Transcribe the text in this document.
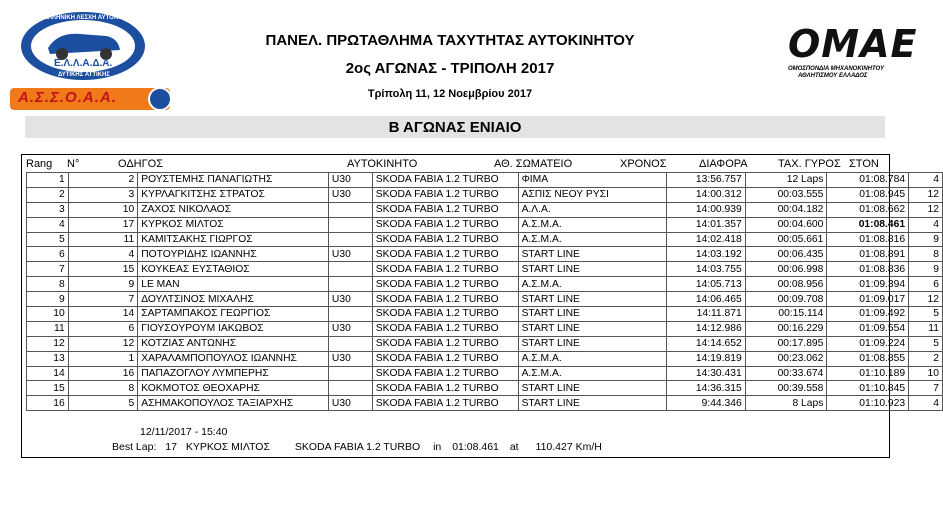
ΕΛΛΗΝΙΚΗ ΛΕΣΧΗ ΑΥΤΟΚΙΝΗΤΟΥ
Ε.Λ.Λ.Α.Δ.Α.
ΔΥΤΙΚΗΣ ΑΤΤΙΚΗΣ
Α.Σ.Σ.Ο.Α.Α.
ΠΑΝΕΛ. ΠΡΩΤΑΘΛΗΜΑ ΤΑΧΥΤΗΤΑΣ ΑΥΤΟΚΙΝΗΤΟΥ
2ος ΑΓΩΝΑΣ - ΤΡΙΠΟΛΗ 2017
Τρίπολη 11, 12 Νοεμβρίου 2017
ΟΜΑΕ
ΟΜΟΣΠΟΝΔΙΑ ΜΗΧΑΝΟΚΙΝΗΤΟΥ
ΑΘΛΗΤΙΣΜΟΥ ΕΛΛΑΔΟΣ
Β ΑΓΩΝΑΣ ΕΝΙΑΙΟ
Rang N°	ΟΔΗΓΟΣ	ΑΥΤΟΚΙΝΗΤΟ	ΑΘ. ΣΩΜΑΤΕΙΟ	ΧΡΟΝΟΣ	ΔΙΑΦΟΡΑ	ΤΑΧ. ΓΥΡΟΣ ΣΤΟΝ
12/11/2017 - 15:40
Best Lap: 17 ΚΥΡΚΟΣ ΜΙΛΤΟΣ SKODA FABIA 1.2 TURBO in 01:08.461 at 110.427 Km/H
1	2	ΡΟΥΣΤΕΜΗΣ ΠΑΝΑΓΙΩΤΗΣ	U30	SKODA FABIA 1.2 TURBO	ΦΙΜΑ	13:56.757	12 Laps	01:08.784	4
2	3	ΚΥΡΛΑΓΚΙΤΣΗΣ ΣΤΡΑΤΟΣ	U30	SKODA FABIA 1.2 TURBO	ΑΣΠΙΣ ΝΕΟΥ ΡΥΣΙ	14:00.312	00:03.555	01:08.945	12
3	10	ΖΑΧΟΣ ΝΙΚΟΛΑΟΣ		SKODA FABIA 1.2 TURBO	Α.Λ.Α.	14:00.939	00:04.182	01:08.662	12
4	17	ΚΥΡΚΟΣ ΜΙΛΤΟΣ		SKODA FABIA 1.2 TURBO	Α.Σ.Μ.Α.	14:01.357	00:04.600	01:08.461	4
5	11	ΚΑΜΙΤΣΑΚΗΣ ΓΙΩΡΓΟΣ		SKODA FABIA 1.2 TURBO	Α.Σ.Μ.Α.	14:02.418	00:05.661	01:08.816	9
6	4	ΠΟΤΟΥΡΙΔΗΣ ΙΩΑΝΝΗΣ	U30	SKODA FABIA 1.2 TURBO	START LINE	14:03.192	00:06.435	01:08.891	8
7	15	ΚΟΥΚΕΑΣ ΕΥΣΤΑΘΙΟΣ		SKODA FABIA 1.2 TURBO	START LINE	14:03.755	00:06.998	01:08.836	9
8	9	LE MAN		SKODA FABIA 1.2 TURBO	Α.Σ.Μ.Α.	14:05.713	00:08.956	01:09.394	6
9	7	ΔΟΥΛΤΣΙΝΟΣ ΜΙΧΑΛΗΣ	U30	SKODA FABIA 1.2 TURBO	START LINE	14:06.465	00:09.708	01:09.017	12
10	14	ΣΑΡΤΑΜΠΑΚΟΣ ΓΕΩΡΓΙΟΣ		SKODA FABIA 1.2 TURBO	START LINE	14:11.871	00:15.114	01:09.492	5
11	6	ΓΙΟΥΣΟΥΡΟΥΜ ΙΑΚΩΒΟΣ	U30	SKODA FABIA 1.2 TURBO	START LINE	14:12.986	00:16.229	01:09.554	11
12	12	ΚΟΤΖΙΑΣ ΑΝΤΩΝΗΣ		SKODA FABIA 1.2 TURBO	START LINE	14:14.652	00:17.895	01:09.224	5
13	1	ΧΑΡΑΛΑΜΠΟΠΟΥΛΟΣ ΙΩΑΝΝΗΣ	U30	SKODA FABIA 1.2 TURBO	Α.Σ.Μ.Α.	14:19.819	00:23.062	01:08.855	2
14	16	ΠΑΠΑΖΟΓΛΟΥ ΛΥΜΠΕΡΗΣ		SKODA FABIA 1.2 TURBO	Α.Σ.Μ.Α.	14:30.431	00:33.674	01:10.189	10
15	8	ΚΟΚΜΟΤΟΣ ΘΕΟΧΑΡΗΣ		SKODA FABIA 1.2 TURBO	START LINE	14:36.315	00:39.558	01:10.845	7
16	5	ΑΣΗΜΑΚΟΠΟΥΛΟΣ ΤΑΞΙΑΡΧΗΣ	U30	SKODA FABIA 1.2 TURBO	START LINE	9:44.346	8 Laps	01:10.923	4
